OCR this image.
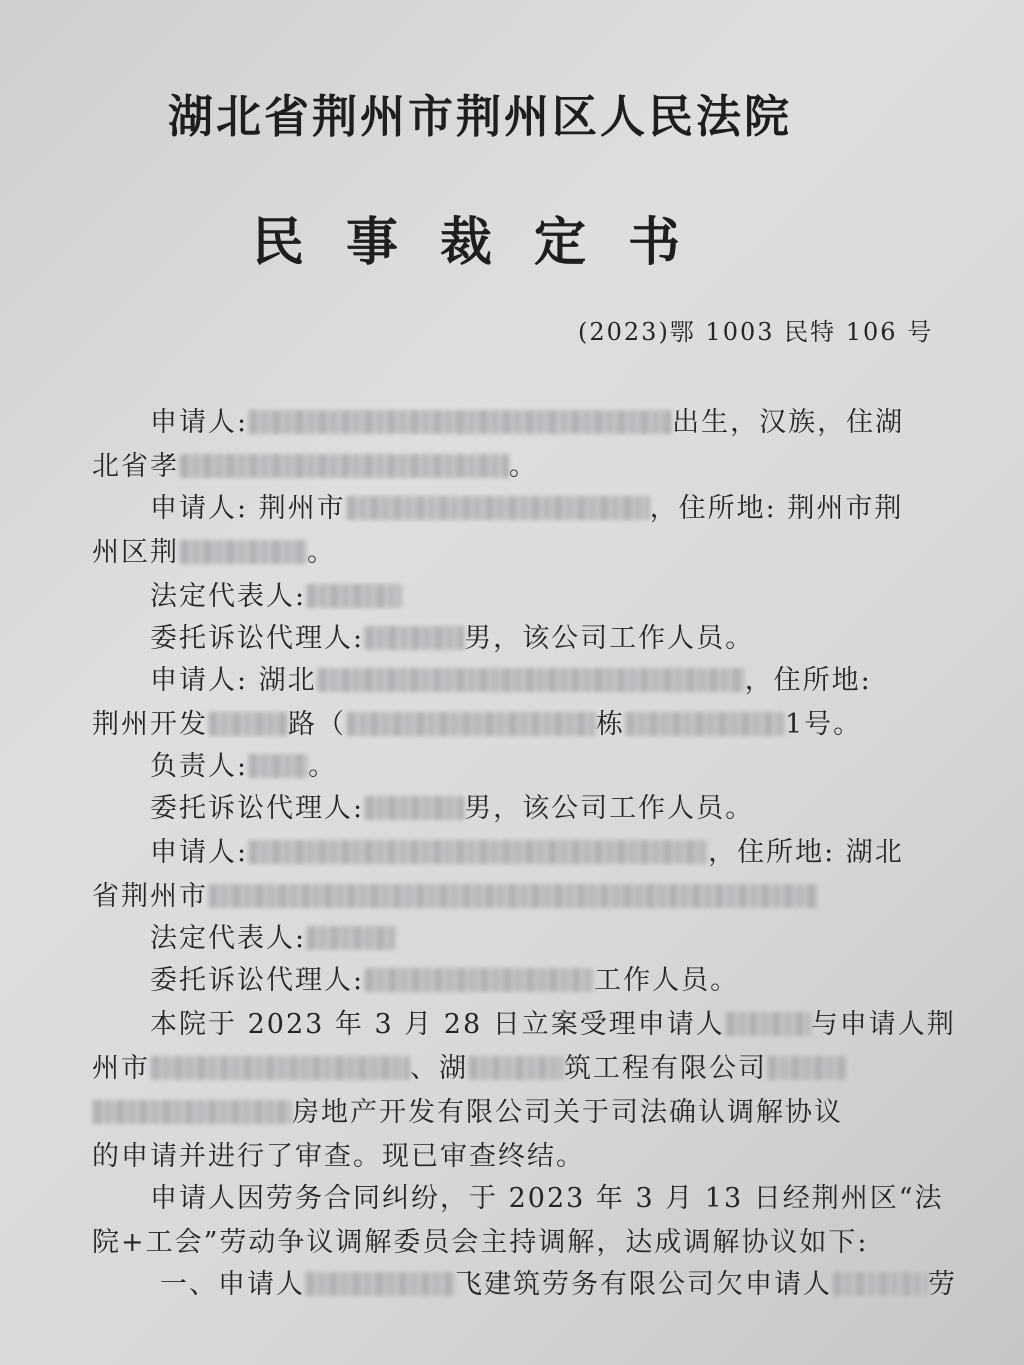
湖北省荆州市荆州区人民法院
民事裁定书
(2023)鄂 1003 民特 106 号
申请人:	出生，汉族，住湖
北省孝	。
申请人: 荆州市	，住所地: 荆州市荆
州区荆	。
法定代表人:
委托诉讼代理人:	男，该公司工作人员。
申请人: 湖北	，住所地:
荆州开发	路（	栋	1号。
负责人: 。
委托诉讼代理人:	男，该公司工作人员。
申请人:	，住所地: 湖北
省荆州市
法定代表人:
委托诉讼代理人:	工作人员。
本院于 2023 年 3 月 28 日立案受理申请人	与申请人荆
州市	、湖	筑工程有限公司
房地产开发有限公司关于司法确认调解协议
的申请并进行了审查。现已审查终结。
申请人因劳务合同纠纷，于 2023 年 3 月 13 日经荆州区“法
院+工会”劳动争议调解委员会主持调解，达成调解协议如下:
一、申请人	飞建筑劳务有限公司欠申请人	劳
